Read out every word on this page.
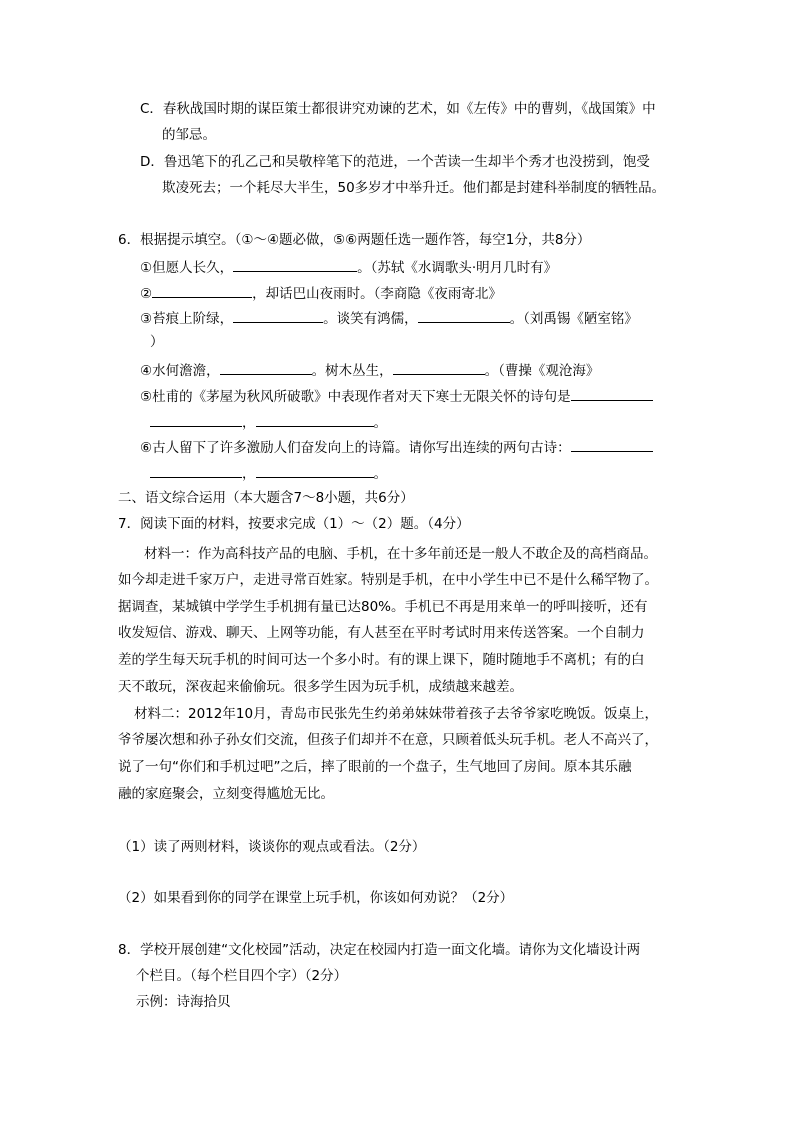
C．春秋战国时期的谋臣策士都很讲究劝谏的艺术，如《左传》中的曹刿，《战国策》中
的邹忌。
D．鲁迅笔下的孔乙己和吴敬梓笔下的范进，一个苦读一生却半个秀才也没捞到，饱受
欺凌死去；一个耗尽大半生，50多岁才中举升迁。他们都是封建科举制度的牺牲品。
6．根据提示填空。（①～④题必做，⑤⑥两题任选一题作答，每空1分，共8分）
①但愿人长久，	。（苏轼《水调歌头·明月几时有》
②	，却话巴山夜雨时。（李商隐《夜雨寄北》
③苔痕上阶绿，	。谈笑有鸿儒，	。（刘禹锡《陋室铭》
）
④水何澹澹，	。树木丛生，	。（曹操《观沧海》
⑤杜甫的《茅屋为秋风所破歌》中表现作者对天下寒士无限关怀的诗句是
，	。
⑥古人留下了许多激励人们奋发向上的诗篇。请你写出连续的两句古诗：
，	。
二、语文综合运用（本大题含7～8小题，共6分）
7．阅读下面的材料，按要求完成（1）～（2）题。（4分）
材料一：作为高科技产品的电脑、手机，在十多年前还是一般人不敢企及的高档商品。
如今却走进千家万户，走进寻常百姓家。特别是手机，在中小学生中已不是什么稀罕物了。
据调查，某城镇中学学生手机拥有量已达80%。手机已不再是用来单一的呼叫接听，还有
收发短信、游戏、聊天、上网等功能，有人甚至在平时考试时用来传送答案。一个自制力
差的学生每天玩手机的时间可达一个多小时。有的课上课下，随时随地手不离机；有的白
天不敢玩，深夜起来偷偷玩。很多学生因为玩手机，成绩越来越差。
材料二：2012年10月，青岛市民张先生约弟弟妹妹带着孩子去爷爷家吃晚饭。饭桌上，
爷爷屡次想和孙子孙女们交流，但孩子们却并不在意，只顾着低头玩手机。老人不高兴了，
说了一句“你们和手机过吧”之后，摔了眼前的一个盘子，生气地回了房间。原本其乐融
融的家庭聚会，立刻变得尴尬无比。
（1）读了两则材料，谈谈你的观点或看法。（2分）
（2）如果看到你的同学在课堂上玩手机，你该如何劝说？（2分）
8．学校开展创建“文化校园”活动，决定在校园内打造一面文化墙。请你为文化墙设计两
个栏目。（每个栏目四个字）（2分）
示例：诗海拾贝
